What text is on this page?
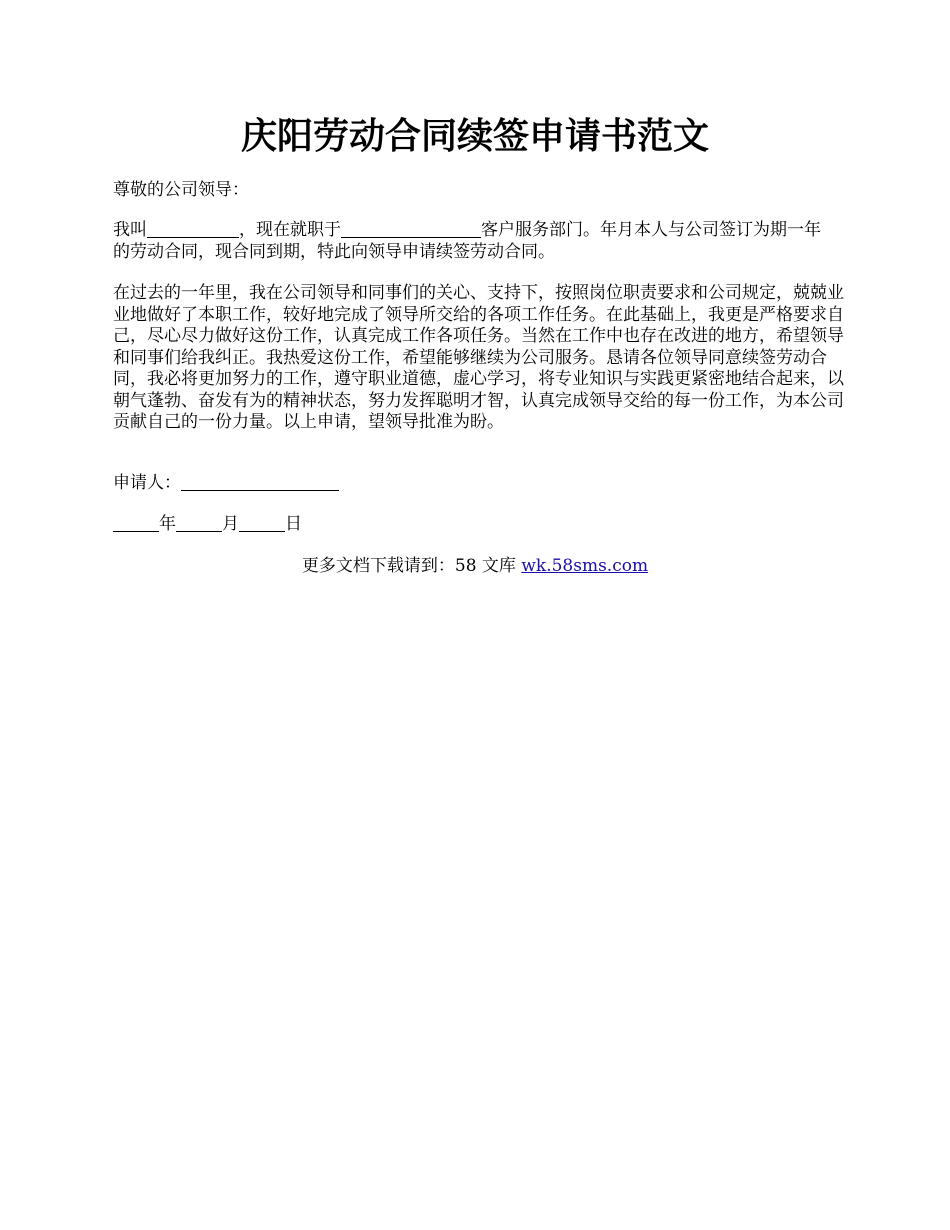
庆阳劳动合同续签申请书范文

尊敬的公司领导：

我叫	，现在就职于	客户服务部门。年月本人与公司签订为期一年的劳动合同，现合同到期，特此向领导申请续签劳动合同。

在过去的一年里，我在公司领导和同事们的关心、支持下，按照岗位职责要求和公司规定，兢兢业业地做好了本职工作，较好地完成了领导所交给的各项工作任务。在此基础上，我更是严格要求自己，尽心尽力做好这份工作，认真完成工作各项任务。当然在工作中也存在改进的地方，希望领导和同事们给我纠正。我热爱这份工作，希望能够继续为公司服务。恳请各位领导同意续签劳动合同，我必将更加努力的工作，遵守职业道德，虚心学习，将专业知识与实践更紧密地结合起来，以朝气蓬勃、奋发有为的精神状态，努力发挥聪明才智，认真完成领导交给的每一份工作，为本公司贡献自己的一份力量。以上申请，望领导批准为盼。

申请人：

年	月	日

更多文档下载请到：58 文库 wk.58sms.com
